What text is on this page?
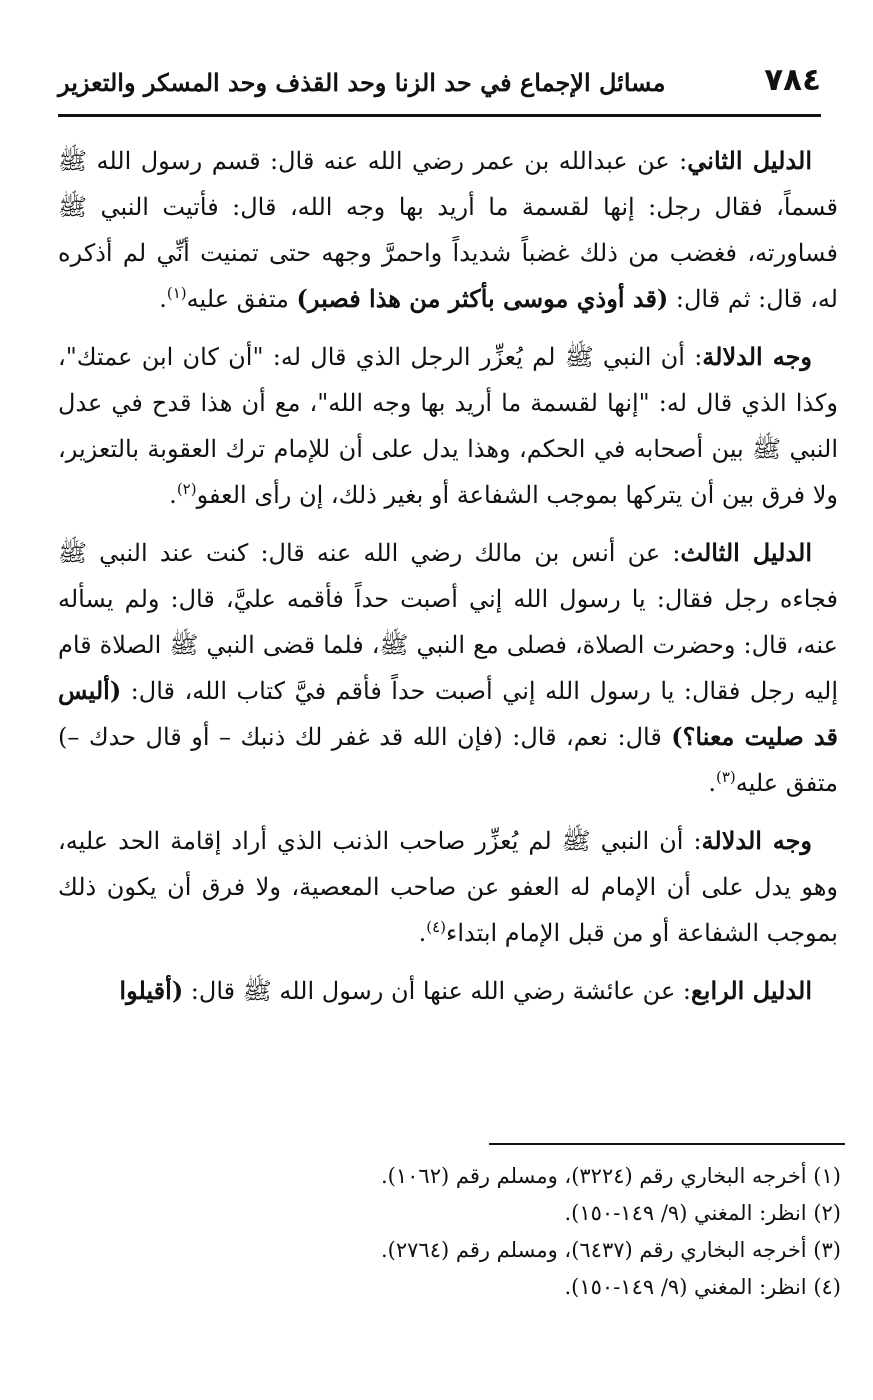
٧٨٤
مسائل الإجماع في حد الزنا وحد القذف وحد المسكر والتعزير

الدليل الثاني: عن عبدالله بن عمر رضي الله عنه قال: قسم رسول الله ﷺ قسماً، فقال رجل: إنها لقسمة ما أريد بها وجه الله، قال: فأتيت النبي ﷺ فساورته، فغضب من ذلك غضباً شديداً واحمرَّ وجهه حتى تمنيت أنِّي لم أذكره له، قال: ثم قال: (قد أوذي موسى بأكثر من هذا فصبر) متفق عليه$^{(١)}$.

وجه الدلالة: أن النبي ﷺ لم يُعزِّر الرجل الذي قال له: "أن كان ابن عمتك"، وكذا الذي قال له: "إنها لقسمة ما أريد بها وجه الله"، مع أن هذا قدح في عدل النبي ﷺ بين أصحابه في الحكم، وهذا يدل على أن للإمام ترك العقوبة بالتعزير، ولا فرق بين أن يتركها بموجب الشفاعة أو بغير ذلك، إن رأى العفو$^{(٢)}$.

الدليل الثالث: عن أنس بن مالك رضي الله عنه قال: كنت عند النبي ﷺ فجاءه رجل فقال: يا رسول الله إني أصبت حداً فأقمه عليَّ، قال: ولم يسأله عنه، قال: وحضرت الصلاة، فصلى مع النبي ﷺ، فلما قضى النبي ﷺ الصلاة قام إليه رجل فقال: يا رسول الله إني أصبت حداً فأقم فيَّ كتاب الله، قال: (أليس قد صليت معنا؟) قال: نعم، قال: (فإن الله قد غفر لك ذنبك – أو قال حدك –) متفق عليه$^{(٣)}$.

وجه الدلالة: أن النبي ﷺ لم يُعزِّر صاحب الذنب الذي أراد إقامة الحد عليه، وهو يدل على أن الإمام له العفو عن صاحب المعصية، ولا فرق أن يكون ذلك بموجب الشفاعة أو من قبل الإمام ابتداء$^{(٤)}$.

الدليل الرابع: عن عائشة رضي الله عنها أن رسول الله ﷺ قال: (أقيلوا

(١) أخرجه البخاري رقم (٣٢٢٤)، ومسلم رقم (١٠٦٢).

(٢) انظر: المغني (٩/ ١٤٩-١٥٠).

(٣) أخرجه البخاري رقم (٦٤٣٧)، ومسلم رقم (٢٧٦٤).

(٤) انظر: المغني (٩/ ١٤٩-١٥٠).
